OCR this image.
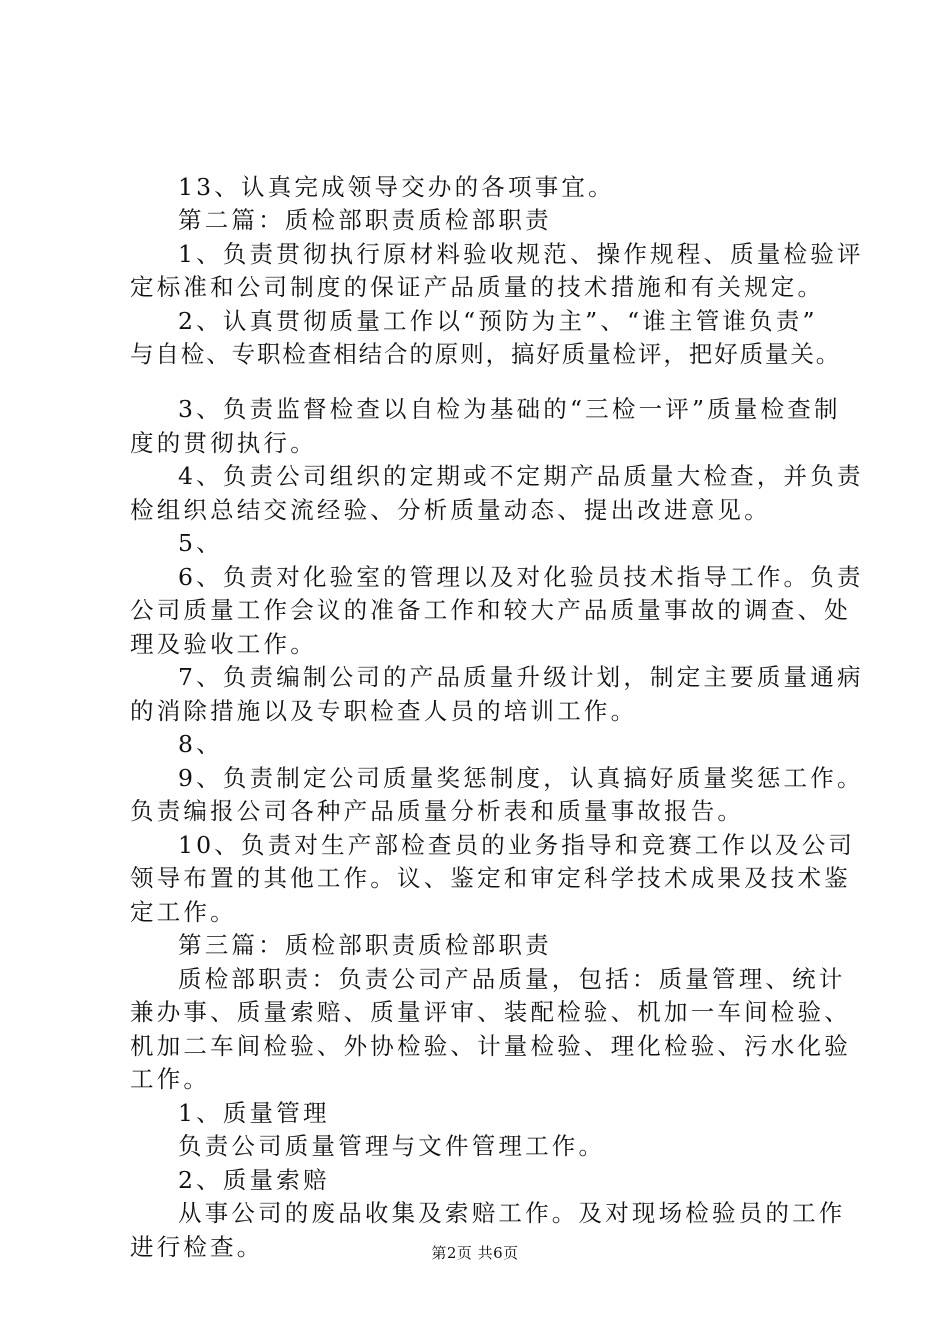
13、认真完成领导交办的各项事宜。
第二篇：质检部职责质检部职责
1、负责贯彻执行原材料验收规范、操作规程、质量检验评
定标准和公司制度的保证产品质量的技术措施和有关规定。
2、认真贯彻质量工作以“预防为主”、“谁主管谁负责”
与自检、专职检查相结合的原则，搞好质量检评，把好质量关。
3、负责监督检查以自检为基础的“三检一评”质量检查制
度的贯彻执行。
4、负责公司组织的定期或不定期产品质量大检查，并负责
检组织总结交流经验、分析质量动态、提出改进意见。
5、
6、负责对化验室的管理以及对化验员技术指导工作。负责
公司质量工作会议的准备工作和较大产品质量事故的调查、处
理及验收工作。
7、负责编制公司的产品质量升级计划，制定主要质量通病
的消除措施以及专职检查人员的培训工作。
8、
9、负责制定公司质量奖惩制度，认真搞好质量奖惩工作。
负责编报公司各种产品质量分析表和质量事故报告。
10、负责对生产部检查员的业务指导和竞赛工作以及公司
领导布置的其他工作。议、鉴定和审定科学技术成果及技术鉴
定工作。
第三篇：质检部职责质检部职责
质检部职责：负责公司产品质量，包括：质量管理、统计
兼办事、质量索赔、质量评审、装配检验、机加一车间检验、
机加二车间检验、外协检验、计量检验、理化检验、污水化验
工作。
1、质量管理
负责公司质量管理与文件管理工作。
2、质量索赔
从事公司的废品收集及索赔工作。及对现场检验员的工作
进行检查。	第2页 共6页
